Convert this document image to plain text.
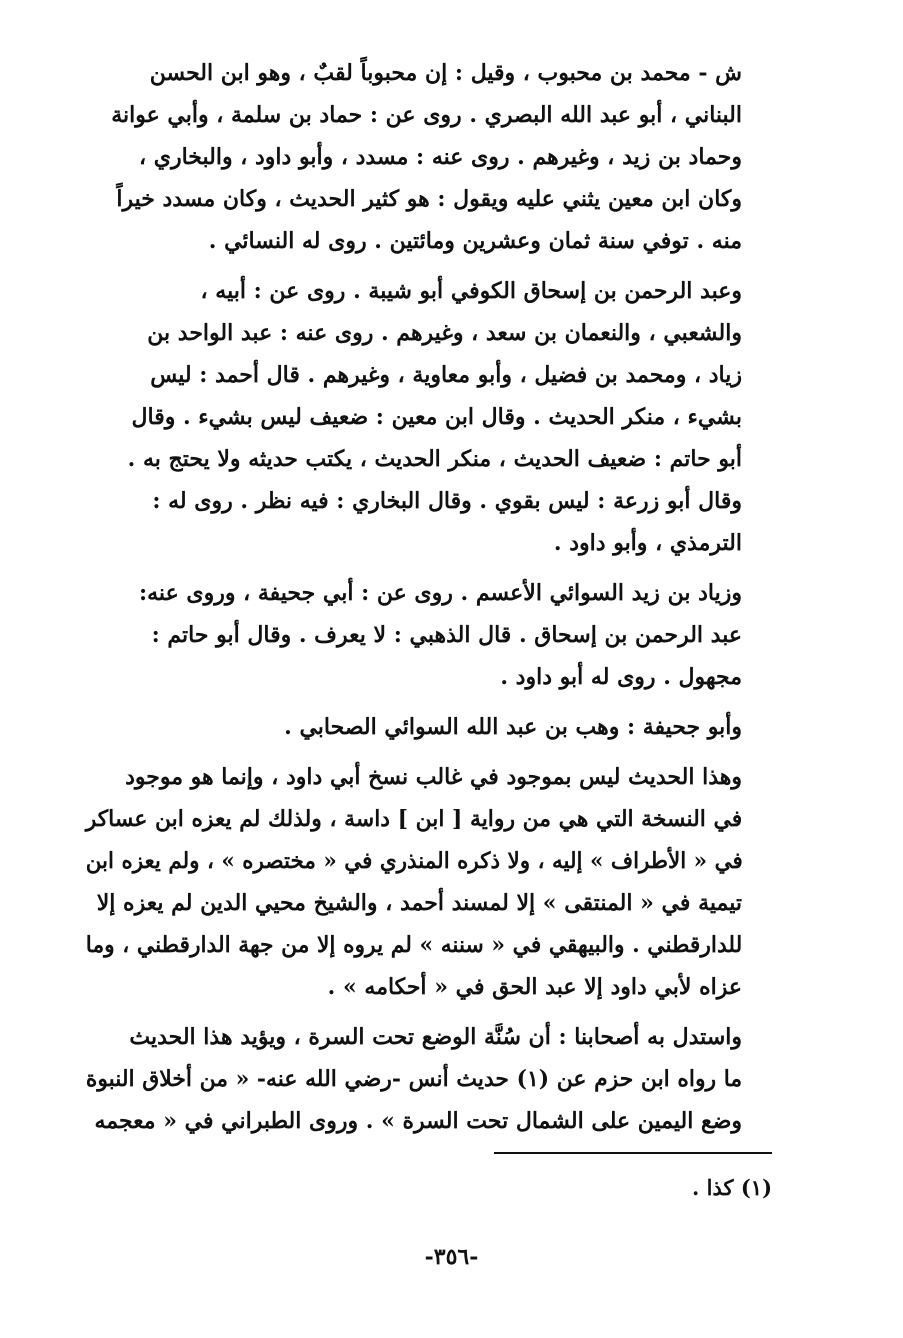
ش - محمد بن محبوب ، وقيل : إن محبوباً لقبٌ ، وهو ابن الحسن
البناني ، أبو عبد الله البصري . روى عن : حماد بن سلمة ، وأبي عوانة
وحماد بن زيد ، وغيرهم . روى عنه : مسدد ، وأبو داود ، والبخاري ،
وكان ابن معين يثني عليه ويقول : هو كثير الحديث ، وكان مسدد خيراً
منه . توفي سنة ثمان وعشرين ومائتين . روى له النسائي .

وعبد الرحمن بن إسحاق الكوفي أبو شيبة . روى عن : أبيه ،
والشعبي ، والنعمان بن سعد ، وغيرهم . روى عنه : عبد الواحد بن
زياد ، ومحمد بن فضيل ، وأبو معاوية ، وغيرهم . قال أحمد : ليس
بشيء ، منكر الحديث . وقال ابن معين : ضعيف ليس بشيء . وقال
أبو حاتم : ضعيف الحديث ، منكر الحديث ، يكتب حديثه ولا يحتج به .
وقال أبو زرعة : ليس بقوي . وقال البخاري : فيه نظر . روى له :
الترمذي ، وأبو داود .

وزياد بن زيد السوائي الأعسم . روى عن : أبي جحيفة ، وروى عنه:
عبد الرحمن بن إسحاق . قال الذهبي : لا يعرف . وقال أبو حاتم :
مجهول . روى له أبو داود .

وأبو جحيفة : وهب بن عبد الله السوائي الصحابي .

وهذا الحديث ليس بموجود في غالب نسخ أبي داود ، وإنما هو موجود
في النسخة التي هي من رواية [ ابن ] داسة ، ولذلك لم يعزه ابن عساكر
في « الأطراف » إليه ، ولا ذكره المنذري في « مختصره » ، ولم يعزه ابن
تيمية في « المنتقى » إلا لمسند أحمد ، والشيخ محيي الدين لم يعزه إلا
للدارقطني . والبيهقي في « سننه » لم يروه إلا من جهة الدارقطني ، وما
عزاه لأبي داود إلا عبد الحق في « أحكامه » .

واستدل به أصحابنا : أن سُنَّة الوضع تحت السرة ، ويؤيد هذا الحديث
ما رواه ابن حزم عن (١) حديث أنس -رضي الله عنه- « من أخلاق النبوة
وضع اليمين على الشمال تحت السرة » . وروى الطبراني في « معجمه

(١) كذا .
-٣٥٦-
